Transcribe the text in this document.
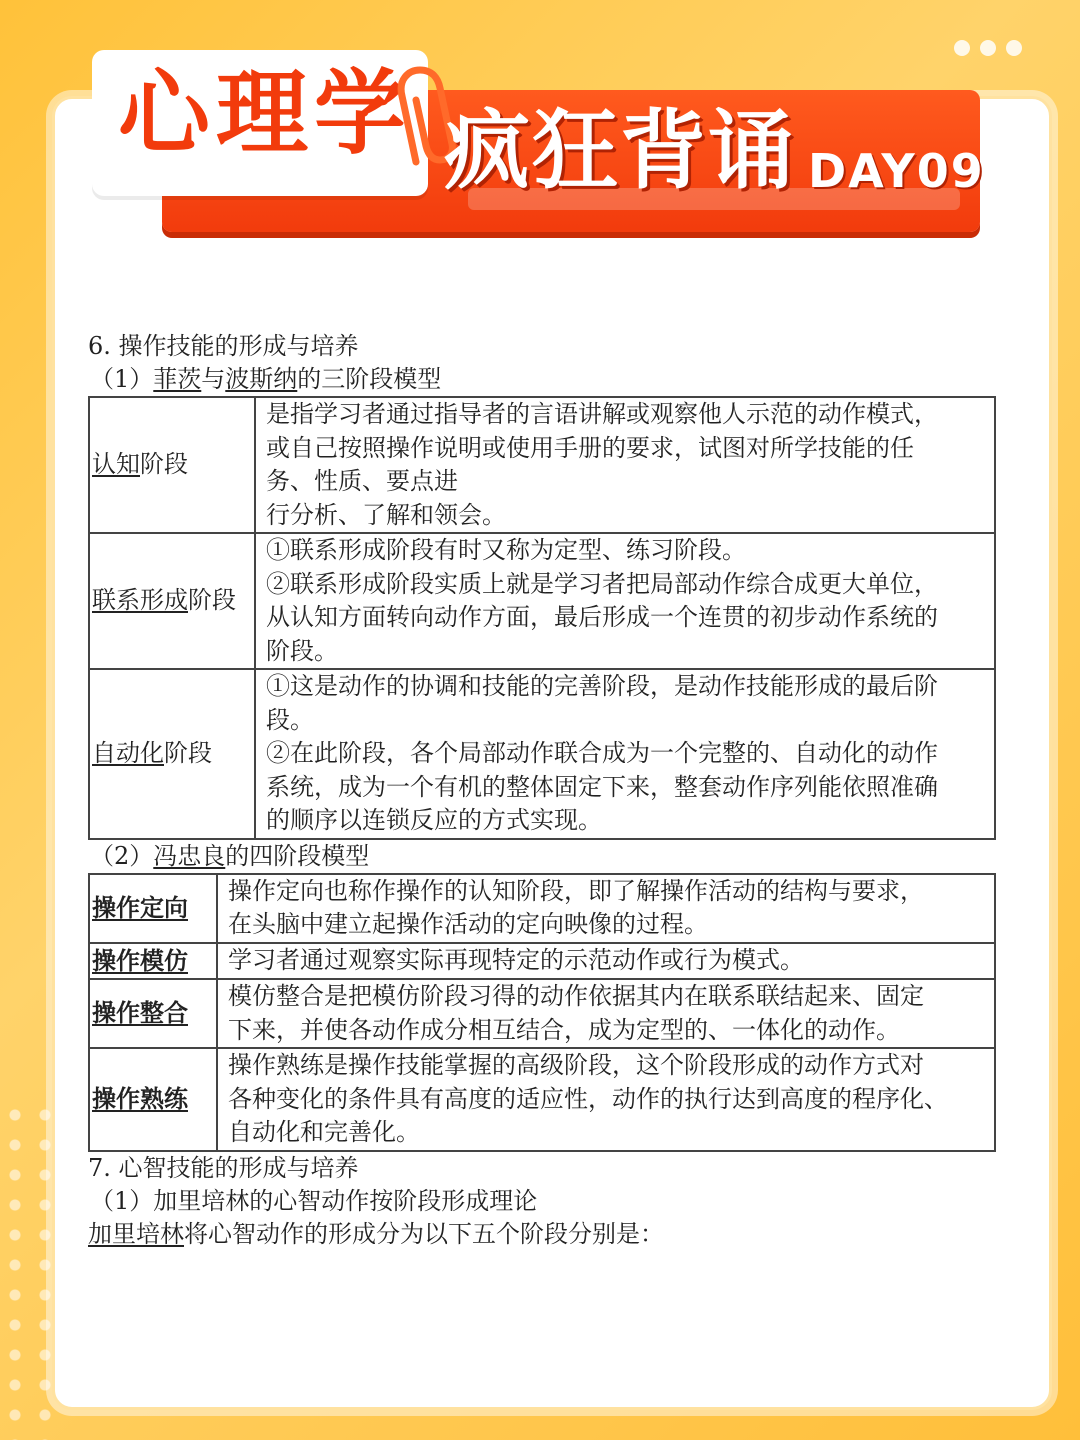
心理学 疯狂背诵 DAY09
6. 操作技能的形成与培养
（1）菲茨与波斯纳的三阶段模型
认知阶段	是指学习者通过指导者的言语讲解或观察他人示范的动作模式，
或自己按照操作说明或使用手册的要求，试图对所学技能的任
务、性质、要点进
行分析、了解和领会。

联系形成阶段	①联系形成阶段有时又称为定型、练习阶段。
②联系形成阶段实质上就是学习者把局部动作综合成更大单位，
从认知方面转向动作方面，最后形成一个连贯的初步动作系统的
阶段。

自动化阶段	①这是动作的协调和技能的完善阶段，是动作技能形成的最后阶
段。
②在此阶段，各个局部动作联合成为一个完整的、自动化的动作
系统，成为一个有机的整体固定下来，整套动作序列能依照准确
的顺序以连锁反应的方式实现。
（2）冯忠良的四阶段模型
操作定向	操作定向也称作操作的认知阶段，即了解操作活动的结构与要求，
在头脑中建立起操作活动的定向映像的过程。

操作模仿	学习者通过观察实际再现特定的示范动作或行为模式。

操作整合	模仿整合是把模仿阶段习得的动作依据其内在联系联结起来、固定
下来，并使各动作成分相互结合，成为定型的、一体化的动作。

操作熟练	操作熟练是操作技能掌握的高级阶段，这个阶段形成的动作方式对
各种变化的条件具有高度的适应性，动作的执行达到高度的程序化、
自动化和完善化。
7. 心智技能的形成与培养
（1）加里培林的心智动作按阶段形成理论
加里培林将心智动作的形成分为以下五个阶段分别是：
